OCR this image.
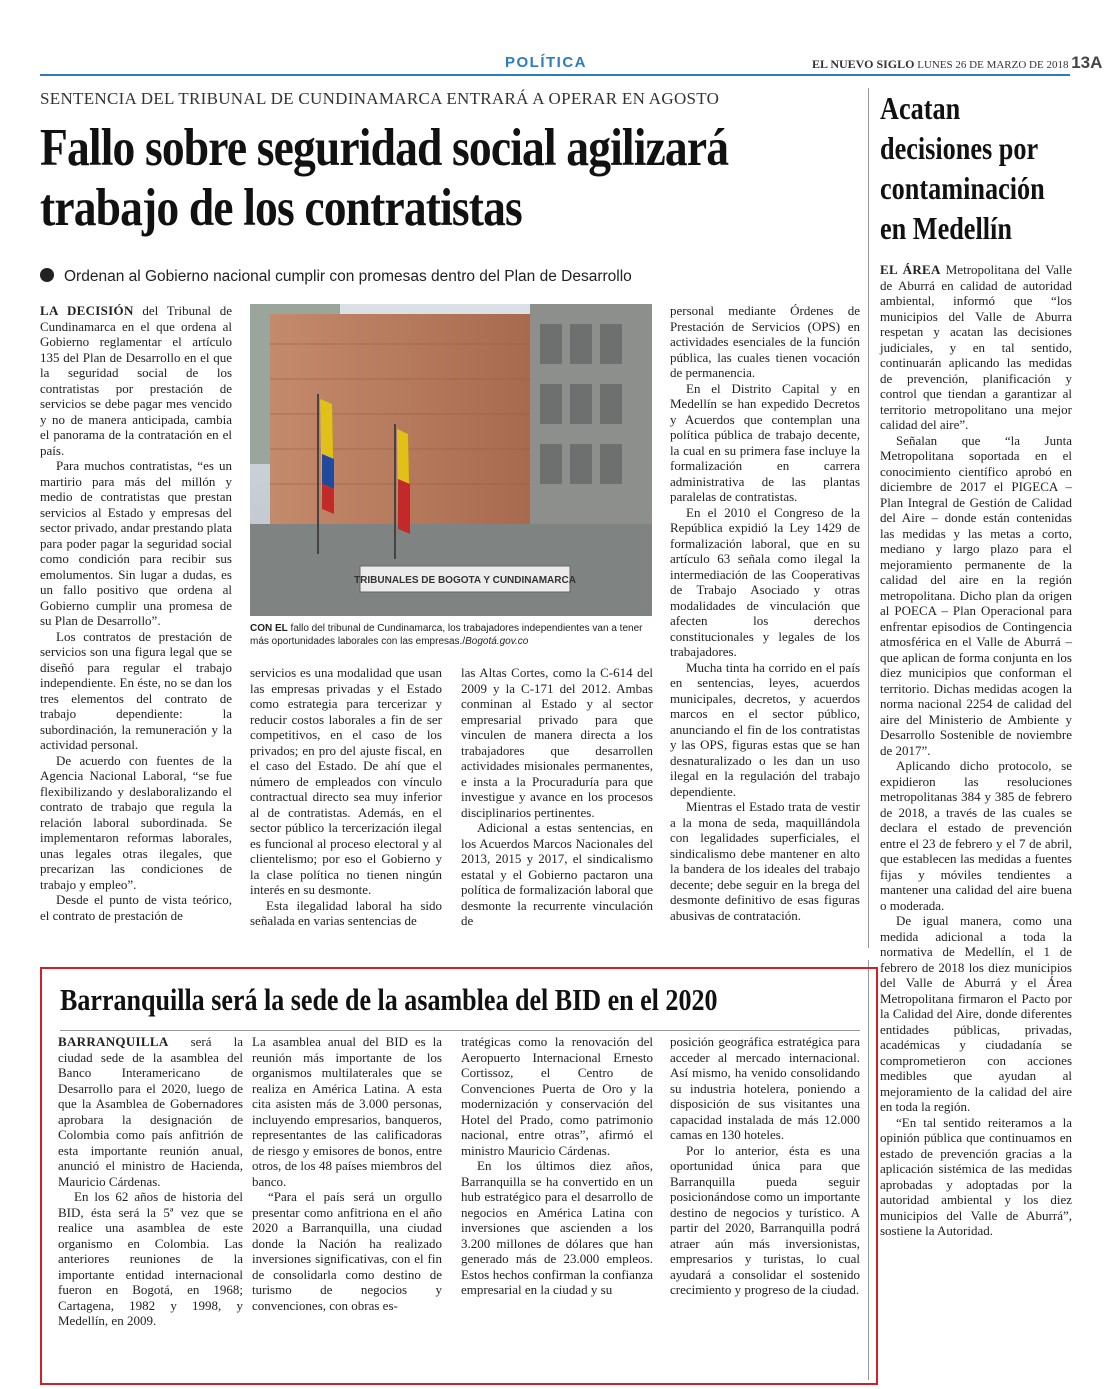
POLÍTICA	EL NUEVO SIGLO LUNES 26 DE MARZO DE 2018 13A
SENTENCIA DEL TRIBUNAL DE CUNDINAMARCA ENTRARÁ A OPERAR EN AGOSTO
Fallo sobre seguridad social agilizará trabajo de los contratistas
Ordenan al Gobierno nacional cumplir con promesas dentro del Plan de Desarrollo

LA DECISIÓN del Tribunal de Cundinamarca en el que ordena al Gobierno reglamentar el artículo 135 del Plan de Desarrollo en el que la seguridad social de los contratistas por prestación de servicios se debe pagar mes vencido y no de manera anticipada, cambia el panorama de la contratación en el país.

Para muchos contratistas, “es un martirio para más del millón y medio de contratistas que prestan servicios al Estado y empresas del sector privado, andar prestando plata para poder pagar la seguridad social como condición para recibir sus emolumentos. Sin lugar a dudas, es un fallo positivo que ordena al Gobierno cumplir una promesa de su Plan de Desarrollo”.

Los contratos de prestación de servicios son una figura legal que se diseñó para regular el trabajo independiente. En éste, no se dan los tres elementos del contrato de trabajo dependiente: la subordinación, la remuneración y la actividad personal.

De acuerdo con fuentes de la Agencia Nacional Laboral, “se fue flexibilizando y deslaboralizando el contrato de trabajo que regula la relación laboral subordinada. Se implementaron reformas laborales, unas legales otras ilegales, que precarizan las condiciones de trabajo y empleo”.

Desde el punto de vista teórico, el contrato de prestación de

TRIBUNALES DE BOGOTA Y CUNDINAMARCA
CON EL fallo del tribunal de Cundinamarca, los trabajadores independientes van a tener más oportunidades laborales con las empresas./Bogotá.gov.co

servicios es una modalidad que usan las empresas privadas y el Estado como estrategia para tercerizar y reducir costos laborales a fin de ser competitivos, en el caso de los privados; en pro del ajuste fiscal, en el caso del Estado. De ahí que el número de empleados con vínculo contractual directo sea muy inferior al de contratistas. Además, en el sector público la tercerización ilegal es funcional al proceso electoral y al clientelismo; por eso el Gobierno y la clase política no tienen ningún interés en su desmonte.

Esta ilegalidad laboral ha sido señalada en varias sentencias de

las Altas Cortes, como la C-614 del 2009 y la C-171 del 2012. Ambas conminan al Estado y al sector empresarial privado para que vinculen de manera directa a los trabajadores que desarrollen actividades misionales permanentes, e insta a la Procuraduría para que investigue y avance en los procesos disciplinarios pertinentes.

Adicional a estas sentencias, en los Acuerdos Marcos Nacionales del 2013, 2015 y 2017, el sindicalismo estatal y el Gobierno pactaron una política de formalización laboral que desmonte la recurrente vinculación de

personal mediante Órdenes de Prestación de Servicios (OPS) en actividades esenciales de la función pública, las cuales tienen vocación de permanencia.

En el Distrito Capital y en Medellín se han expedido Decretos y Acuerdos que contemplan una política pública de trabajo decente, la cual en su primera fase incluye la formalización en carrera administrativa de las plantas paralelas de contratistas.

En el 2010 el Congreso de la República expidió la Ley 1429 de formalización laboral, que en su artículo 63 señala como ilegal la intermediación de las Cooperativas de Trabajo Asociado y otras modalidades de vinculación que afecten los derechos constitucionales y legales de los trabajadores.

Mucha tinta ha corrido en el país en sentencias, leyes, acuerdos municipales, decretos, y acuerdos marcos en el sector público, anunciando el fin de los contratistas y las OPS, figuras estas que se han desnaturalizado o les dan un uso ilegal en la regulación del trabajo dependiente.

Mientras el Estado trata de vestir a la mona de seda, maquillándola con legalidades superficiales, el sindicalismo debe mantener en alto la bandera de los ideales del trabajo decente; debe seguir en la brega del desmonte definitivo de esas figuras abusivas de contratación.

Acatan decisiones por contaminación en Medellín

EL ÁREA Metropolitana del Valle de Aburrá en calidad de autoridad ambiental, informó que “los municipios del Valle de Aburra respetan y acatan las decisiones judiciales, y en tal sentido, continuarán aplicando las medidas de prevención, planificación y control que tiendan a garantizar al territorio metropolitano una mejor calidad del aire”.

Señalan que “la Junta Metropolitana soportada en el conocimiento científico aprobó en diciembre de 2017 el PIGECA – Plan Integral de Gestión de Calidad del Aire – donde están contenidas las medidas y las metas a corto, mediano y largo plazo para el mejoramiento permanente de la calidad del aire en la región metropolitana. Dicho plan da origen al POECA – Plan Operacional para enfrentar episodios de Contingencia atmosférica en el Valle de Aburrá – que aplican de forma conjunta en los diez municipios que conforman el territorio. Dichas medidas acogen la norma nacional 2254 de calidad del aire del Ministerio de Ambiente y Desarrollo Sostenible de noviembre de 2017”.

Aplicando dicho protocolo, se expidieron las resoluciones metropolitanas 384 y 385 de febrero de 2018, a través de las cuales se declara el estado de prevención entre el 23 de febrero y el 7 de abril, que establecen las medidas a fuentes fijas y móviles tendientes a mantener una calidad del aire buena o moderada.

De igual manera, como una medida adicional a toda la normativa de Medellín, el 1 de febrero de 2018 los diez municipios del Valle de Aburrá y el Área Metropolitana firmaron el Pacto por la Calidad del Aire, donde diferentes entidades públicas, privadas, académicas y ciudadanía se comprometieron con acciones medibles que ayudan al mejoramiento de la calidad del aire en toda la región.

“En tal sentido reiteramos a la opinión pública que continuamos en estado de prevención gracias a la aplicación sistémica de las medidas aprobadas y adoptadas por la autoridad ambiental y los diez municipios del Valle de Aburrá”, sostiene la Autoridad.

Barranquilla será la sede de la asamblea del BID en el 2020

BARRANQUILLA será la ciudad sede de la asamblea del Banco Interamericano de Desarrollo para el 2020, luego de que la Asamblea de Gobernadores aprobara la designación de Colombia como país anfitrión de esta importante reunión anual, anunció el ministro de Hacienda, Mauricio Cárdenas.

En los 62 años de historia del BID, ésta será la 5ª vez que se realice una asamblea de este organismo en Colombia. Las anteriores reuniones de la importante entidad internacional fueron en Bogotá, en 1968; Cartagena, 1982 y 1998, y Medellín, en 2009.

La asamblea anual del BID es la reunión más importante de los organismos multilaterales que se realiza en América Latina. A esta cita asisten más de 3.000 personas, incluyendo empresarios, banqueros, representantes de las calificadoras de riesgo y emisores de bonos, entre otros, de los 48 países miembros del banco.

“Para el país será un orgullo presentar como anfitriona en el año 2020 a Barranquilla, una ciudad donde la Nación ha realizado inversiones significativas, con el fin de consolidarla como destino de turismo de negocios y convenciones, con obras es-

tratégicas como la renovación del Aeropuerto Internacional Ernesto Cortissoz, el Centro de Convenciones Puerta de Oro y la modernización y conservación del Hotel del Prado, como patrimonio nacional, entre otras”, afirmó el ministro Mauricio Cárdenas.

En los últimos diez años, Barranquilla se ha convertido en un hub estratégico para el desarrollo de negocios en América Latina con inversiones que ascienden a los 3.200 millones de dólares que han generado más de 23.000 empleos. Estos hechos confirman la confianza empresarial en la ciudad y su

posición geográfica estratégica para acceder al mercado internacional. Así mismo, ha venido consolidando su industria hotelera, poniendo a disposición de sus visitantes una capacidad instalada de más 12.000 camas en 130 hoteles.

Por lo anterior, ésta es una oportunidad única para que Barranquilla pueda seguir posicionándose como un importante destino de negocios y turístico. A partir del 2020, Barranquilla podrá atraer aún más inversionistas, empresarios y turistas, lo cual ayudará a consolidar el sostenido crecimiento y progreso de la ciudad.
